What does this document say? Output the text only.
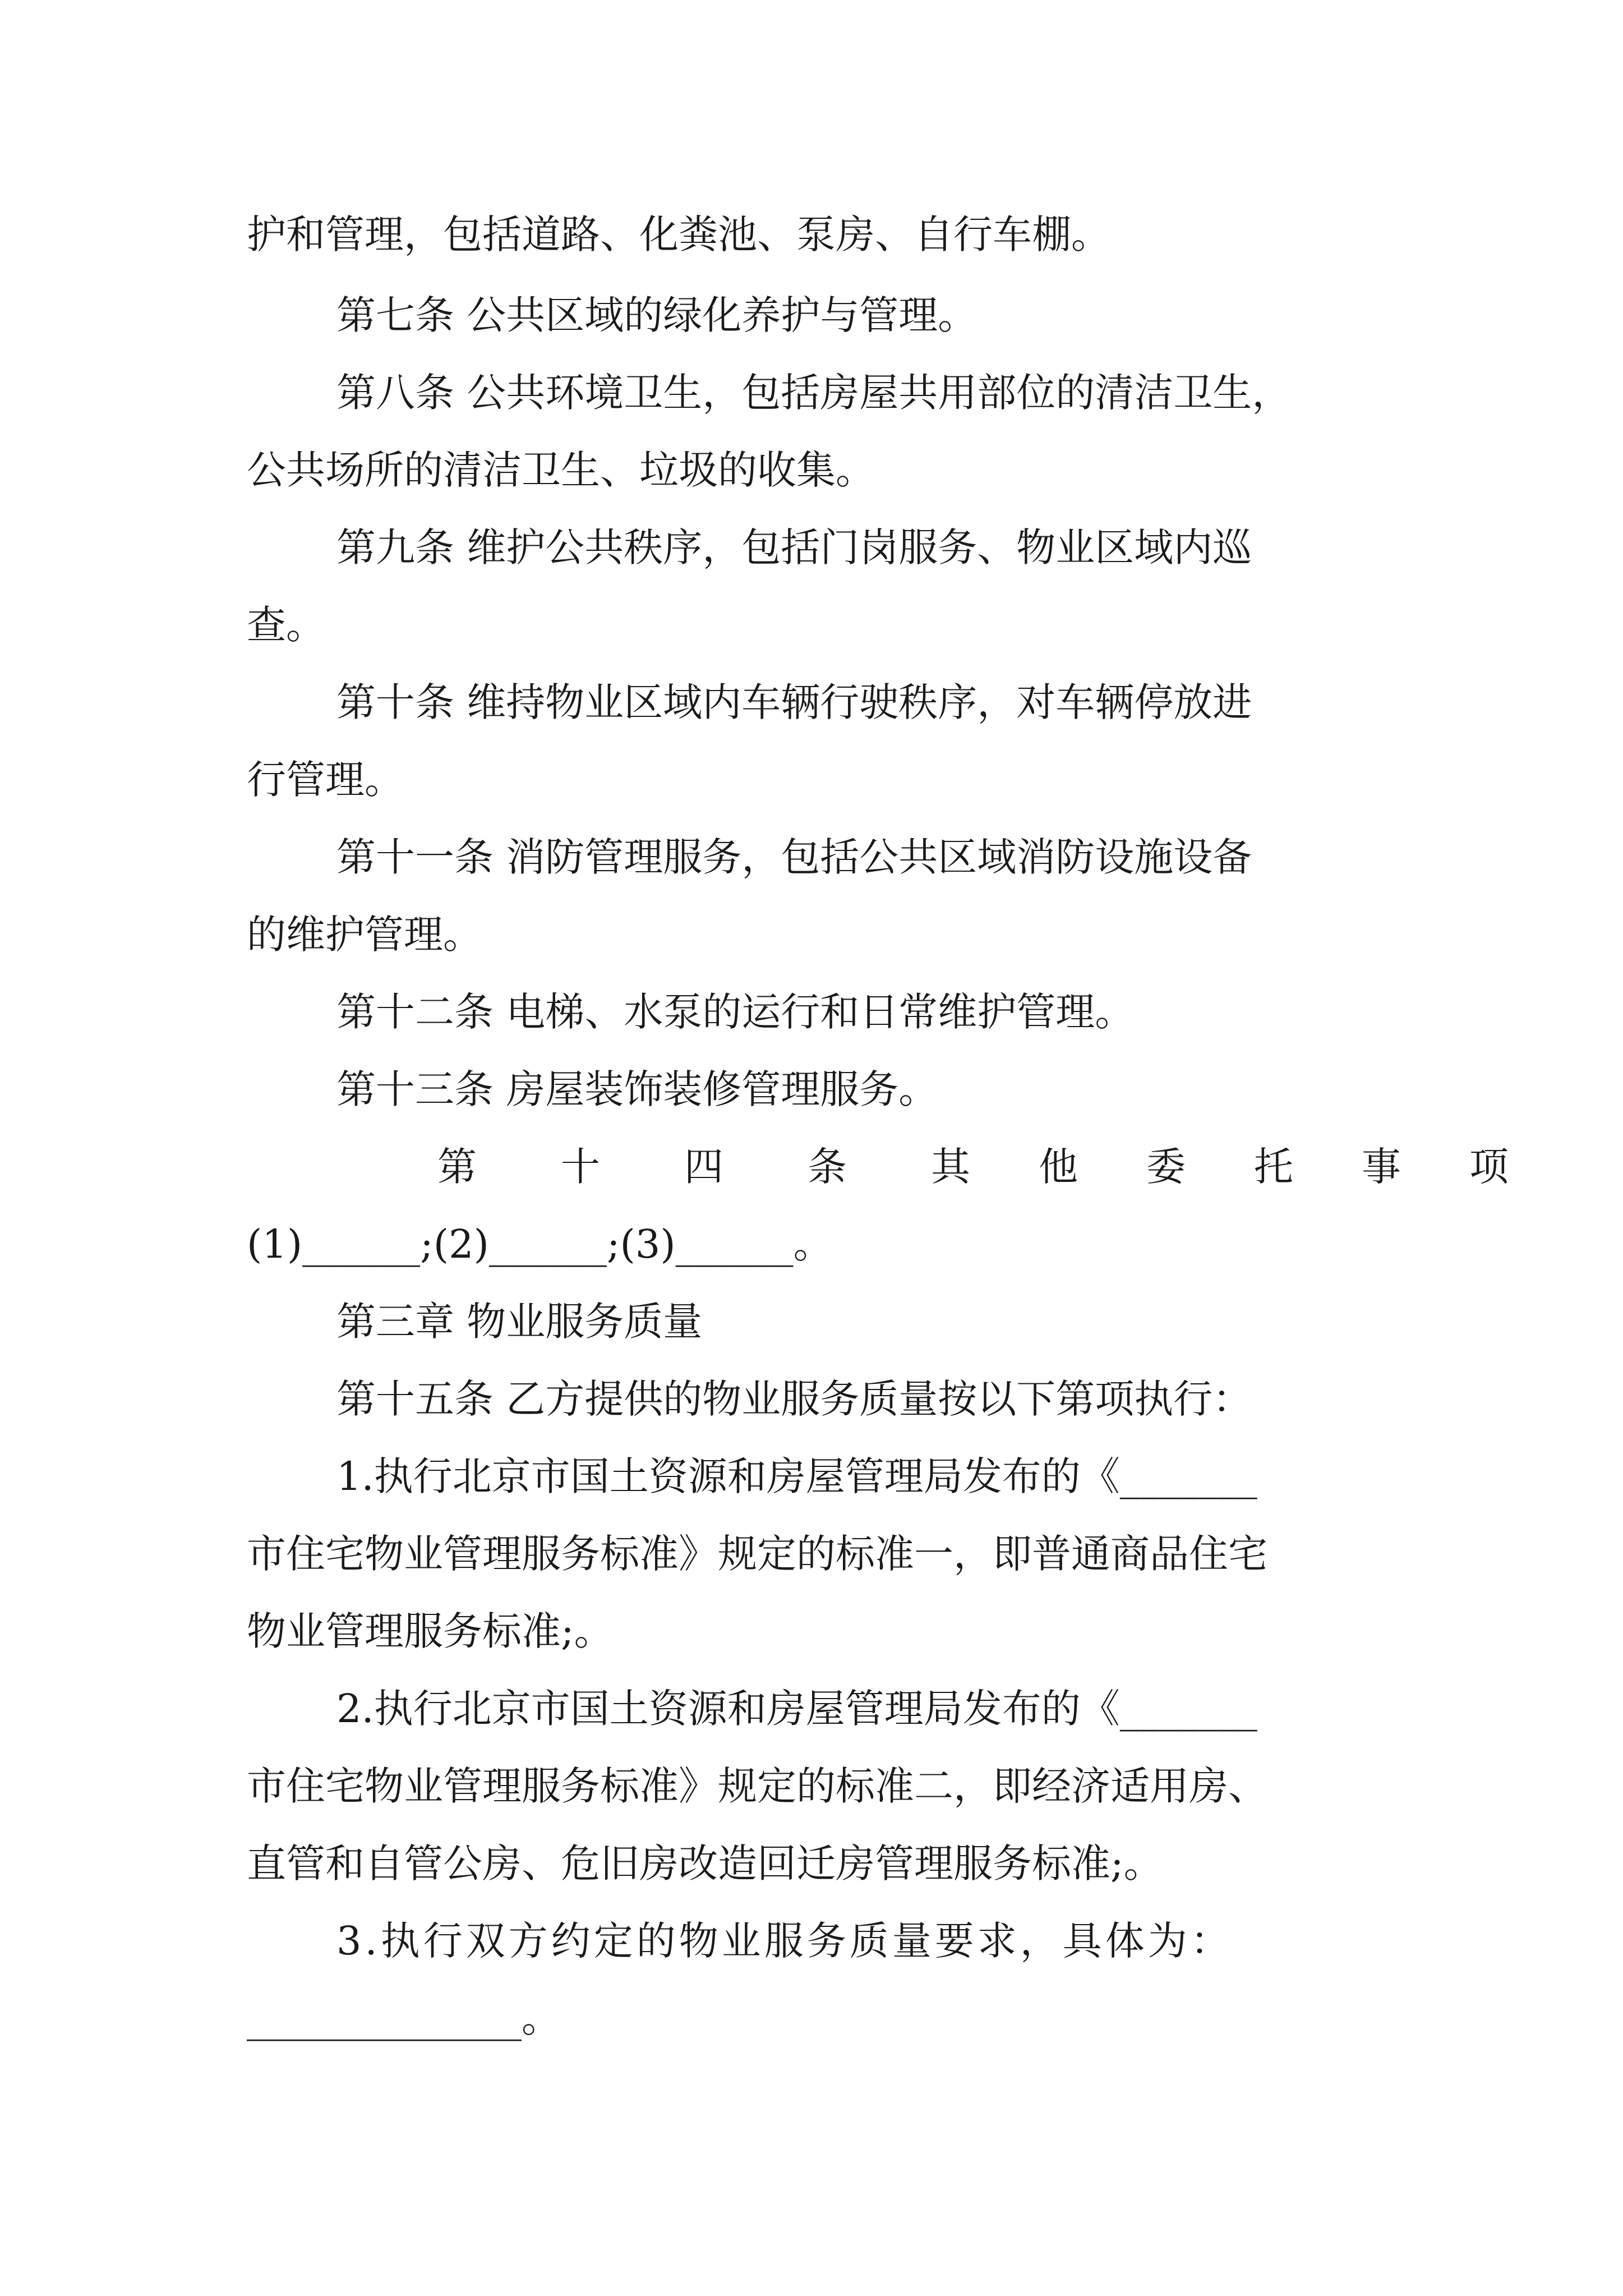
护和管理，包括道路、化粪池、泵房、自行车棚。
第七条 公共区域的绿化养护与管理。
第八条 公共环境卫生，包括房屋共用部位的清洁卫生，
公共场所的清洁卫生、垃圾的收集。
第九条 维护公共秩序，包括门岗服务、物业区域内巡
查。
第十条 维持物业区域内车辆行驶秩序，对车辆停放进
行管理。
第十一条 消防管理服务，包括公共区域消防设施设备
的维护管理。
第十二条 电梯、水泵的运行和日常维护管理。
第十三条 房屋装饰装修管理服务。
第十四条 其他委托事项
(1)______;(2)______;(3)______。
第三章 物业服务质量
第十五条 乙方提供的物业服务质量按以下第项执行：
1.执行北京市国土资源和房屋管理局发布的《_______
市住宅物业管理服务标准》规定的标准一，即普通商品住宅
物业管理服务标准;。
2.执行北京市国土资源和房屋管理局发布的《_______
市住宅物业管理服务标准》规定的标准二，即经济适用房、
直管和自管公房、危旧房改造回迁房管理服务标准;。
3.执行双方约定的物业服务质量要求，具体为：
______________。
